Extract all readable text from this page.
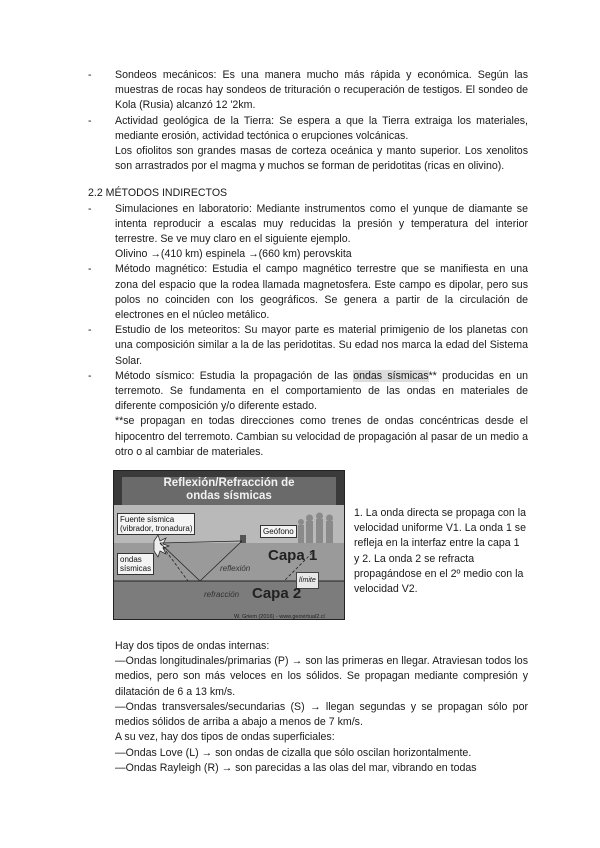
- Sondeos mecánicos: Es una manera mucho más rápida y económica. Según las muestras de rocas hay sondeos de trituración o recuperación de testigos. El sondeo de Kola (Rusia) alcanzó 12 '2km.

- Actividad geológica de la Tierra: Se espera a que la Tierra extraiga los materiales, mediante erosión, actividad tectónica o erupciones volcánicas.

Los ofiolitos son grandes masas de corteza oceánica y manto superior. Los xenolitos son arrastrados por el magma y muchos se forman de peridotitas (ricas en olivino).

2.2 MÉTODOS INDIRECTOS
- Simulaciones en laboratorio: Mediante instrumentos como el yunque de diamante se intenta reproducir a escalas muy reducidas la presión y temperatura del interior terrestre. Se ve muy claro en el siguiente ejemplo.

Olivino →(410 km) espinela →(660 km) perovskita

- Método magnético: Estudia el campo magnético terrestre que se manifiesta en una zona del espacio que la rodea llamada magnetosfera. Este campo es dipolar, pero sus polos no coinciden con los geográficos. Se genera a partir de la circulación de electrones en el núcleo metálico.

- Estudio de los meteoritos: Su mayor parte es material primigenio de los planetas con una composición similar a la de las peridotitas. Su edad nos marca la edad del Sistema Solar.

- Método sísmico: Estudia la propagación de las ondas sísmicas** producidas en un terremoto. Se fundamenta en el comportamiento de las ondas en materiales de diferente composición y/o diferente estado.

**se propagan en todas direcciones como trenes de ondas concéntricas desde el hipocentro del terremoto. Cambian su velocidad de propagación al pasar de un medio a otro o al cambiar de materiales.

Reflexión/Refracción de
ondas sísmicas
Fuente sísmica
(vibrador, tronadura)	Geófono
ondas
sísmicas	reflexión
refracción
límite
Capa 1
Capa 2
W. Griem (2016) - www.geovirtual2.cl
1. La onda directa se propaga con la velocidad uniforme V1. La onda 1 se refleja en la interfaz entre la capa 1 y 2. La onda 2 se refracta propagándose en el 2º medio con la velocidad V2.

Hay dos tipos de ondas internas:

—Ondas longitudinales/primarias (P) → son las primeras en llegar. Atraviesan todos los medios, pero son más veloces en los sólidos. Se propagan mediante compresión y dilatación de 6 a 13 km/s.

—Ondas transversales/secundarias (S) → llegan segundas y se propagan sólo por medios sólidos de arriba a abajo a menos de 7 km/s.

A su vez, hay dos tipos de ondas superficiales:

—Ondas Love (L) → son ondas de cizalla que sólo oscilan horizontalmente.

—Ondas Rayleigh (R) → son parecidas a las olas del mar, vibrando en todas
